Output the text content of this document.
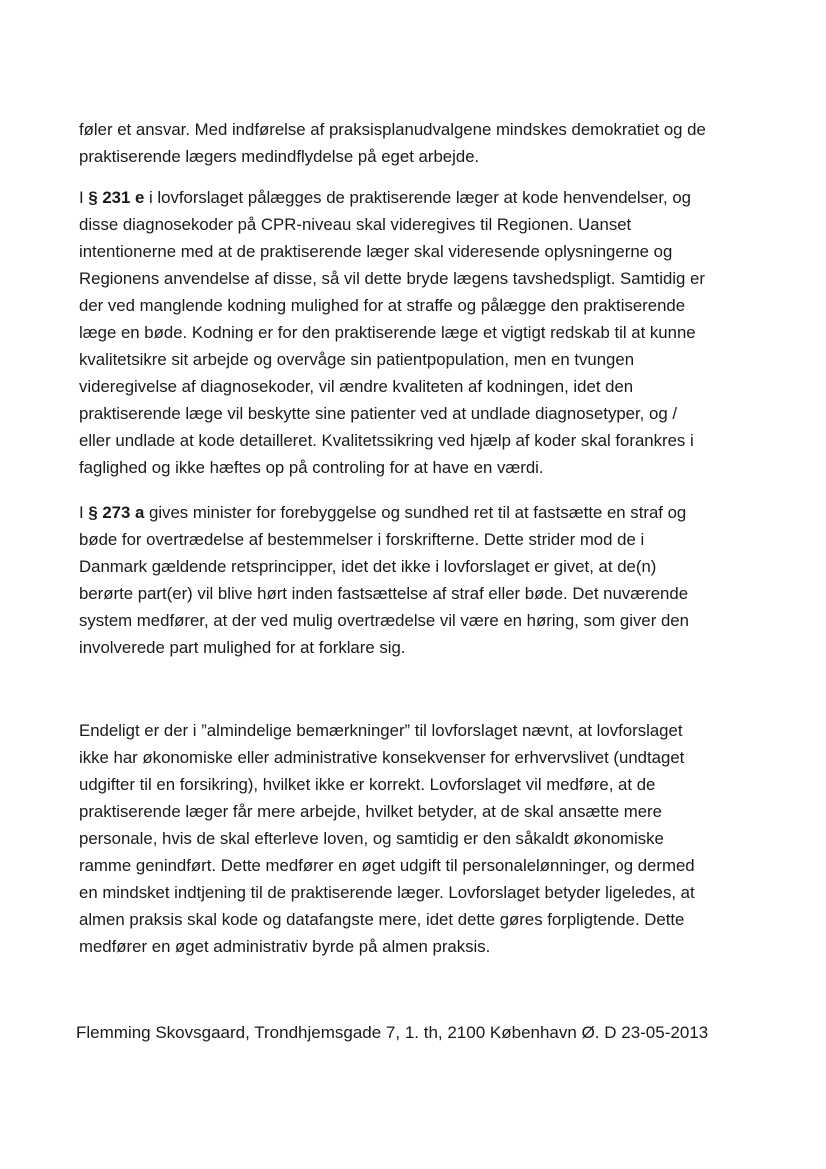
føler et ansvar. Med indførelse af praksisplanudvalgene mindskes demokratiet og de
praktiserende lægers medindflydelse på eget arbejde.

I § 231 e i lovforslaget pålægges de praktiserende læger at kode henvendelser, og
disse diagnosekoder på CPR-niveau skal videregives til Regionen. Uanset
intentionerne med at de praktiserende læger skal videresende oplysningerne og
Regionens anvendelse af disse, så vil dette bryde lægens tavshedspligt. Samtidig er
der ved manglende kodning mulighed for at straffe og pålægge den praktiserende
læge en bøde. Kodning er for den praktiserende læge et vigtigt redskab til at kunne
kvalitetsikre sit arbejde og overvåge sin patientpopulation, men en tvungen
videregivelse af diagnosekoder, vil ændre kvaliteten af kodningen, idet den
praktiserende læge vil beskytte sine patienter ved at undlade diagnosetyper, og /
eller undlade at kode detailleret. Kvalitetssikring ved hjælp af koder skal forankres i
faglighed og ikke hæftes op på controling for at have en værdi.

I § 273 a gives minister for forebyggelse og sundhed ret til at fastsætte en straf og
bøde for overtrædelse af bestemmelser i forskrifterne. Dette strider mod de i
Danmark gældende retsprincipper, idet det ikke i lovforslaget er givet, at de(n)
berørte part(er) vil blive hørt inden fastsættelse af straf eller bøde. Det nuværende
system medfører, at der ved mulig overtrædelse vil være en høring, som giver den
involverede part mulighed for at forklare sig.

Endeligt er der i ”almindelige bemærkninger” til lovforslaget nævnt, at lovforslaget
ikke har økonomiske eller administrative konsekvenser for erhvervslivet (undtaget
udgifter til en forsikring), hvilket ikke er korrekt. Lovforslaget vil medføre, at de
praktiserende læger får mere arbejde, hvilket betyder, at de skal ansætte mere
personale, hvis de skal efterleve loven, og samtidig er den såkaldt økonomiske
ramme genindført. Dette medfører en øget udgift til personalelønninger, og dermed
en mindsket indtjening til de praktiserende læger. Lovforslaget betyder ligeledes, at
almen praksis skal kode og datafangste mere, idet dette gøres forpligtende. Dette
medfører en øget administrativ byrde på almen praksis.

Flemming Skovsgaard, Trondhjemsgade 7, 1. th, 2100 København Ø. D 23-05-2013
